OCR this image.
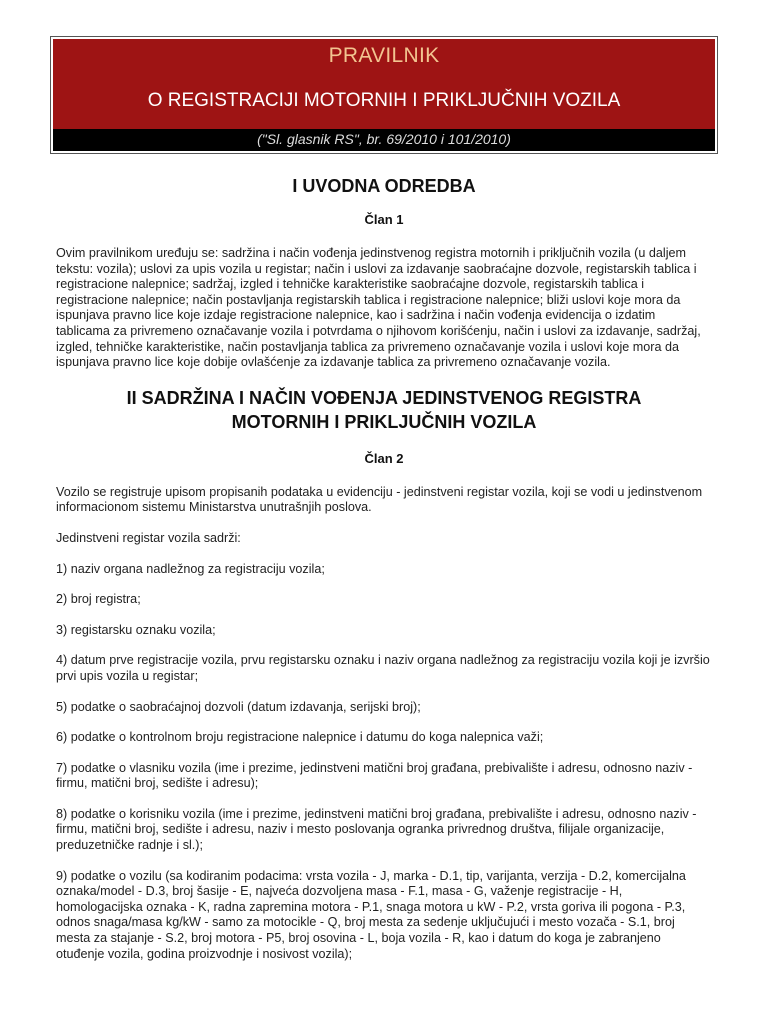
PRAVILNIK
O REGISTRACIJI MOTORNIH I PRIKLJUČNIH VOZILA
("Sl. glasnik RS", br. 69/2010 i 101/2010)
I UVODNA ODREDBA
Član 1

Ovim pravilnikom uređuju se: sadržina i način vođenja jedinstvenog registra motornih i priključnih vozila (u daljem tekstu: vozila); uslovi za upis vozila u registar; način i uslovi za izdavanje saobraćajne dozvole, registarskih tablica i registracione nalepnice; sadržaj, izgled i tehničke karakteristike saobraćajne dozvole, registarskih tablica i registracione nalepnice; način postavljanja registarskih tablica i registracione nalepnice; bliži uslovi koje mora da ispunjava pravno lice koje izdaje registracione nalepnice, kao i sadržina i način vođenja evidencija o izdatim tablicama za privremeno označavanje vozila i potvrdama o njihovom korišćenju, način i uslovi za izdavanje, sadržaj, izgled, tehničke karakteristike, način postavljanja tablica za privremeno označavanje vozila i uslovi koje mora da ispunjava pravno lice koje dobije ovlašćenje za izdavanje tablica za privremeno označavanje vozila.

II SADRŽINA I NAČIN VOĐENJA JEDINSTVENOG REGISTRA
MOTORNIH I PRIKLJUČNIH VOZILA
Član 2

Vozilo se registruje upisom propisanih podataka u evidenciju - jedinstveni registar vozila, koji se vodi u jedinstvenom informacionom sistemu Ministarstva unutrašnjih poslova.

Jedinstveni registar vozila sadrži:

1) naziv organa nadležnog za registraciju vozila;

2) broj registra;

3) registarsku oznaku vozila;

4) datum prve registracije vozila, prvu registarsku oznaku i naziv organa nadležnog za registraciju vozila koji je izvršio prvi upis vozila u registar;

5) podatke o saobraćajnoj dozvoli (datum izdavanja, serijski broj);

6) podatke o kontrolnom broju registracione nalepnice i datumu do koga nalepnica važi;

7) podatke o vlasniku vozila (ime i prezime, jedinstveni matični broj građana, prebivalište i adresu, odnosno naziv - firmu, matični broj, sedište i adresu);

8) podatke o korisniku vozila (ime i prezime, jedinstveni matični broj građana, prebivalište i adresu, odnosno naziv - firmu, matični broj, sedište i adresu, naziv i mesto poslovanja ogranka privrednog društva, filijale organizacije, preduzetničke radnje i sl.);

9) podatke o vozilu (sa kodiranim podacima: vrsta vozila - J, marka - D.1, tip, varijanta, verzija - D.2, komercijalna oznaka/model - D.3, broj šasije - E, najveća dozvoljena masa - F.1, masa - G, važenje registracije - H, homologacijska oznaka - K, radna zapremina motora - P.1, snaga motora u kW - P.2, vrsta goriva ili pogona - P.3, odnos snaga/masa kg/kW - samo za motocikle - Q, broj mesta za sedenje uključujući i mesto vozača - S.1, broj mesta za stajanje - S.2, broj motora - P5, broj osovina - L, boja vozila - R, kao i datum do koga je zabranjeno otuđenje vozila, godina proizvodnje i nosivost vozila);
